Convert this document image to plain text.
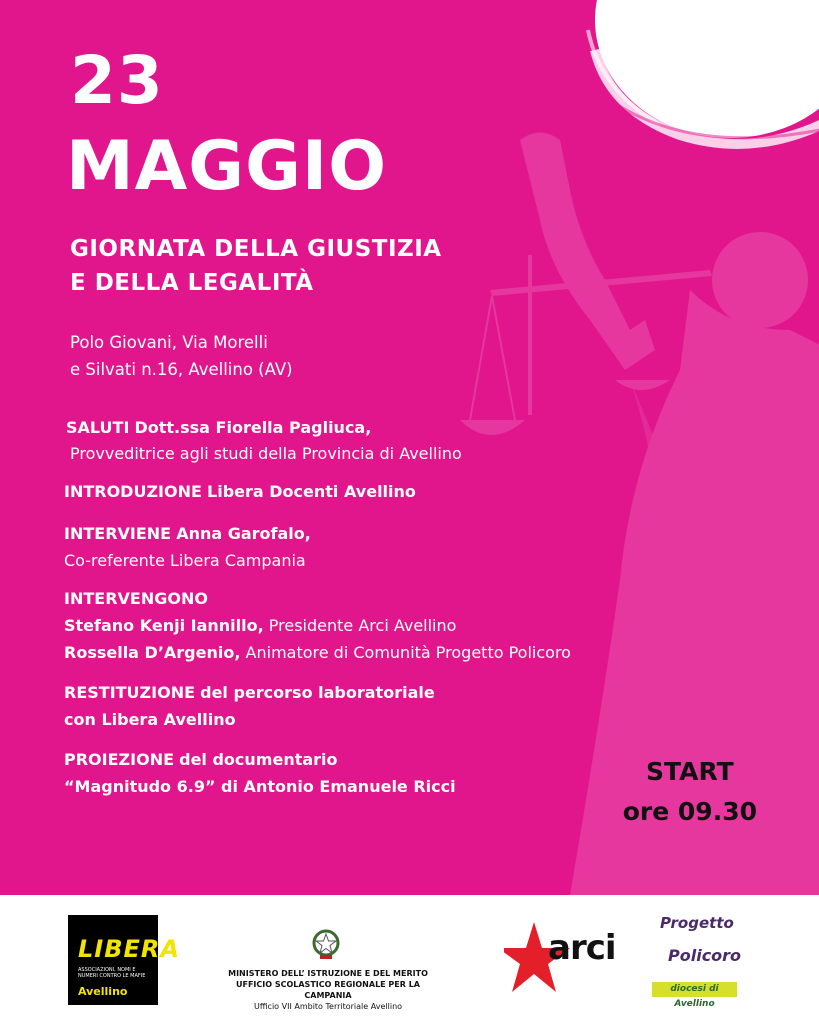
23
MAGGIO
GIORNATA DELLA GIUSTIZIA
E DELLA LEGALITÀ
Polo Giovani, Via Morelli
e Silvati n.16, Avellino (AV)
SALUTI Dott.ssa Fiorella Pagliuca,
Provveditrice agli studi della Provincia di Avellino
INTRODUZIONE Libera Docenti Avellino
INTERVIENE Anna Garofalo,
Co-referente Libera Campania
INTERVENGONO
Stefano Kenji Iannillo, Presidente Arci Avellino
Rossella D’Argenio, Animatore di Comunità Progetto Policoro
RESTITUZIONE del percorso laboratoriale
con Libera Avellino
PROIEZIONE del documentario
“Magnitudo 6.9” di Antonio Emanuele Ricci
START
ore 09.30
LIBERA
ASSOCIAZIONI, NOMI E NUMERI CONTRO LE MAFIE
Avellino
MINISTERO DELL’ ISTRUZIONE E DEL MERITO
UFFICIO SCOLASTICO REGIONALE PER LA CAMPANIA
Ufficio VII Ambito Territoriale Avellino
arci
Progetto
Policoro
diocesi di Avellino
